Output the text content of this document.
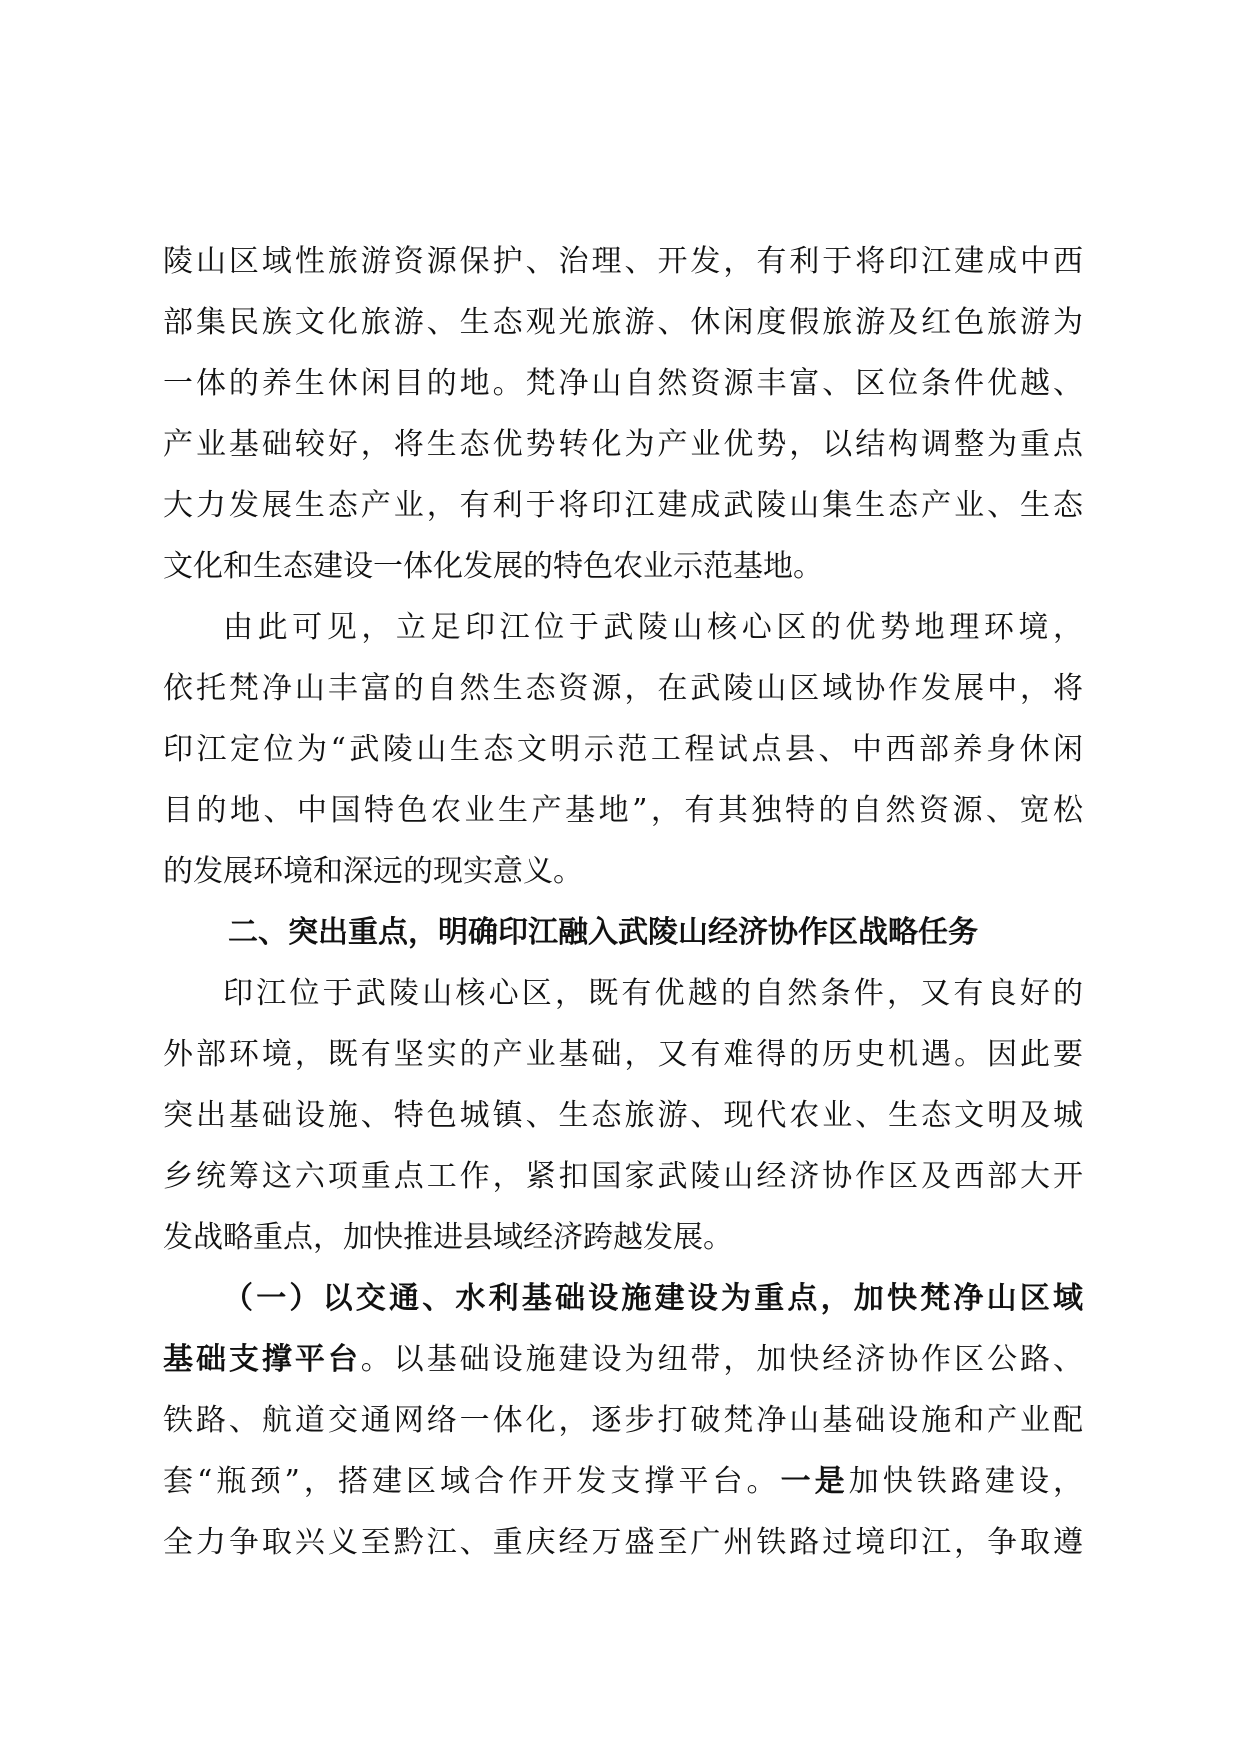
陵山区域性旅游资源保护、治理、开发，有利于将印江建成中西
部集民族文化旅游、生态观光旅游、休闲度假旅游及红色旅游为
一体的养生休闲目的地。梵净山自然资源丰富、区位条件优越、
产业基础较好，将生态优势转化为产业优势，以结构调整为重点
大力发展生态产业，有利于将印江建成武陵山集生态产业、生态
文化和生态建设一体化发展的特色农业示范基地。
由此可见，立足印江位于武陵山核心区的优势地理环境，
依托梵净山丰富的自然生态资源，在武陵山区域协作发展中，将
印江定位为“武陵山生态文明示范工程试点县、中西部养身休闲
目的地、中国特色农业生产基地”，有其独特的自然资源、宽松
的发展环境和深远的现实意义。
二、突出重点，明确印江融入武陵山经济协作区战略任务
印江位于武陵山核心区，既有优越的自然条件，又有良好的
外部环境，既有坚实的产业基础，又有难得的历史机遇。因此要
突出基础设施、特色城镇、生态旅游、现代农业、生态文明及城
乡统筹这六项重点工作，紧扣国家武陵山经济协作区及西部大开
发战略重点，加快推进县域经济跨越发展。
（一）以交通、水利基础设施建设为重点，加快梵净山区域
基础支撑平台。以基础设施建设为纽带，加快经济协作区公路、
铁路、航道交通网络一体化，逐步打破梵净山基础设施和产业配
套“瓶颈”，搭建区域合作开发支撑平台。一是加快铁路建设，
全力争取兴义至黔江、重庆经万盛至广州铁路过境印江，争取遵
